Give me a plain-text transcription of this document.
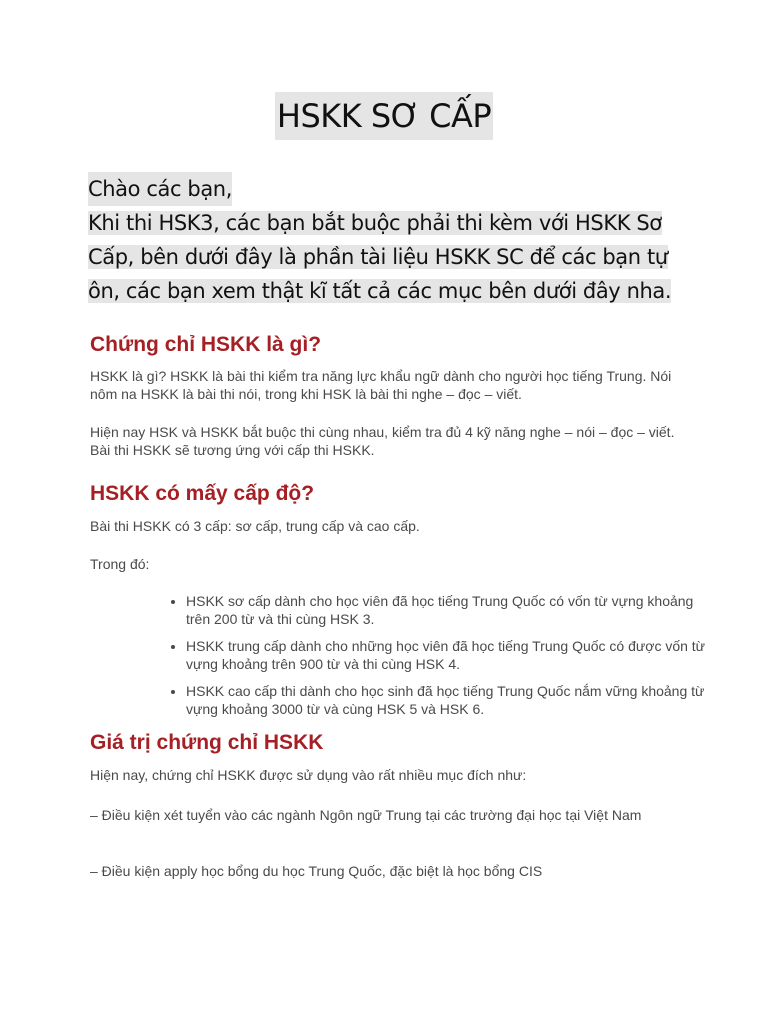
HSKK SƠ CẤP
Chào các bạn,
Khi thi HSK3, các bạn bắt buộc phải thi kèm với HSKK Sơ Cấp, bên dưới đây là phần tài liệu HSKK SC để các bạn tự ôn, các bạn xem thật kĩ tất cả các mục bên dưới đây nha.
Chứng chỉ HSKK là gì?

HSKK là gì? HSKK là bài thi kiểm tra năng lực khẩu ngữ dành cho người học tiếng Trung. Nói nôm na HSKK là bài thi nói, trong khi HSK là bài thi nghe – đọc – viết.

Hiện nay HSK và HSKK bắt buộc thi cùng nhau, kiểm tra đủ 4 kỹ năng nghe – nói – đọc – viết. Bài thi HSKK sẽ tương ứng với cấp thi HSKK.

HSKK có mấy cấp độ?

Bài thi HSKK có 3 cấp: sơ cấp, trung cấp và cao cấp.

Trong đó:

• HSKK sơ cấp dành cho học viên đã học tiếng Trung Quốc có vốn từ vựng khoảng trên 200 từ và thi cùng HSK 3.
• HSKK trung cấp dành cho những học viên đã học tiếng Trung Quốc có được vốn từ vựng khoảng trên 900 từ và thi cùng HSK 4.
• HSKK cao cấp thi dành cho học sinh đã học tiếng Trung Quốc nắm vững khoảng từ vựng khoảng 3000 từ và cùng HSK 5 và HSK 6.
Giá trị chứng chỉ HSKK

Hiện nay, chứng chỉ HSKK được sử dụng vào rất nhiều mục đích như:

– Điều kiện xét tuyển vào các ngành Ngôn ngữ Trung tại các trường đại học tại Việt Nam

– Điều kiện apply học bổng du học Trung Quốc, đặc biệt là học bổng CIS
